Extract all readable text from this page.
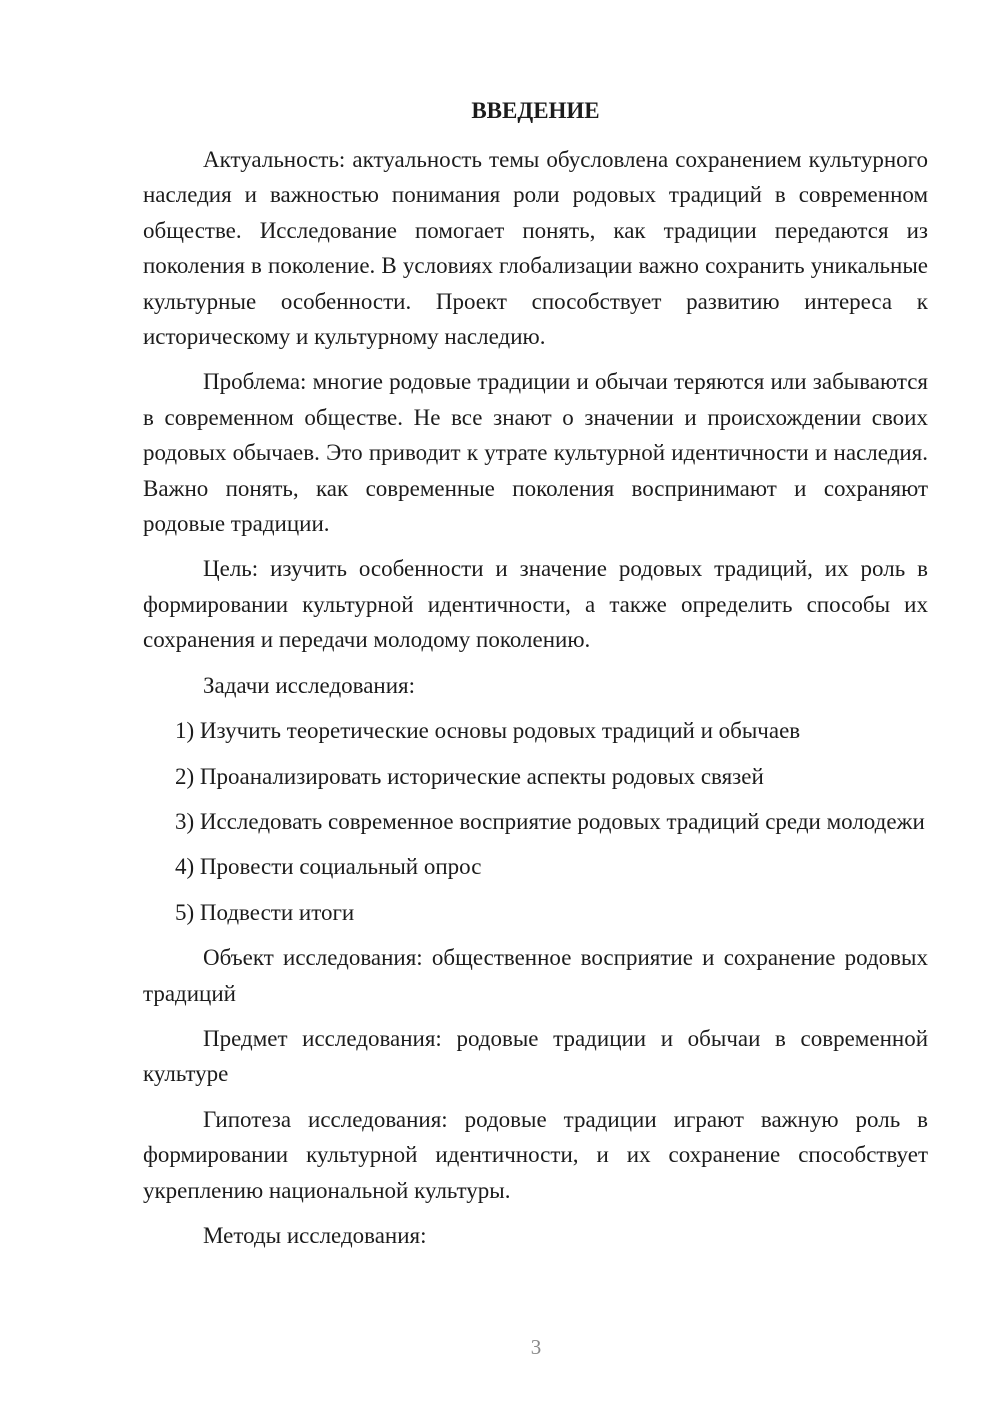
ВВЕДЕНИЕ

Актуальность: актуальность темы обусловлена сохранением культурного наследия и важностью понимания роли родовых традиций в современном обществе. Исследование помогает понять, как традиции передаются из поколения в поколение. В условиях глобализации важно сохранить уникальные культурные особенности. Проект способствует развитию интереса к историческому и культурному наследию.

Проблема: многие родовые традиции и обычаи теряются или забываются в современном обществе. Не все знают о значении и происхождении своих родовых обычаев. Это приводит к утрате культурной идентичности и наследия. Важно понять, как современные поколения воспринимают и сохраняют родовые традиции.

Цель: изучить особенности и значение родовых традиций, их роль в формировании культурной идентичности, а также определить способы их сохранения и передачи молодому поколению.

Задачи исследования:

1) Изучить теоретические основы родовых традиций и обычаев

2) Проанализировать исторические аспекты родовых связей

3) Исследовать современное восприятие родовых традиций среди молодежи

4) Провести социальный опрос

5) Подвести итоги

Объект исследования: общественное восприятие и сохранение родовых традиций

Предмет исследования: родовые традиции и обычаи в современной культуре

Гипотеза исследования: родовые традиции играют важную роль в формировании культурной идентичности, и их сохранение способствует укреплению национальной культуры.

Методы исследования:

3
